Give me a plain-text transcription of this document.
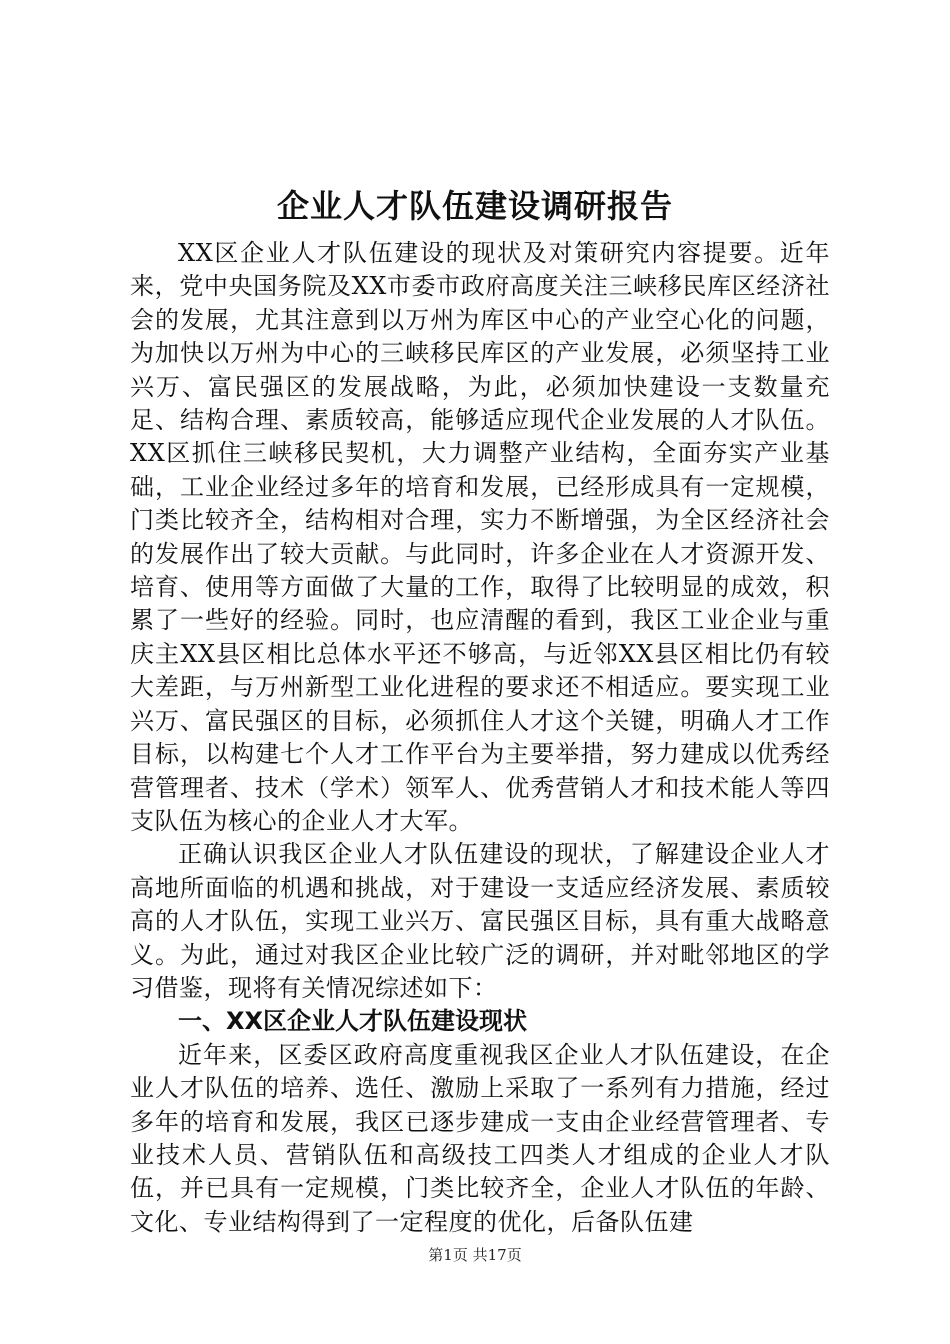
企业人才队伍建设调研报告

XX区企业人才队伍建设的现状及对策研究内容提要。近年来，党中央国务院及XX市委市政府高度关注三峡移民库区经济社会的发展，尤其注意到以万州为库区中心的产业空心化的问题，为加快以万州为中心的三峡移民库区的产业发展，必须坚持工业兴万、富民强区的发展战略，为此，必须加快建设一支数量充足、结构合理、素质较高，能够适应现代企业发展的人才队伍。XX区抓住三峡移民契机，大力调整产业结构，全面夯实产业基础，工业企业经过多年的培育和发展，已经形成具有一定规模，门类比较齐全，结构相对合理，实力不断增强，为全区经济社会的发展作出了较大贡献。与此同时，许多企业在人才资源开发、培育、使用等方面做了大量的工作，取得了比较明显的成效，积累了一些好的经验。同时，也应清醒的看到，我区工业企业与重庆主XX县区相比总体水平还不够高，与近邻XX县区相比仍有较大差距，与万州新型工业化进程的要求还不相适应。要实现工业兴万、富民强区的目标，必须抓住人才这个关键，明确人才工作目标，以构建七个人才工作平台为主要举措，努力建成以优秀经营管理者、技术（学术）领军人、优秀营销人才和技术能人等四支队伍为核心的企业人才大军。

正确认识我区企业人才队伍建设的现状，了解建设企业人才高地所面临的机遇和挑战，对于建设一支适应经济发展、素质较高的人才队伍，实现工业兴万、富民强区目标，具有重大战略意义。为此，通过对我区企业比较广泛的调研，并对毗邻地区的学习借鉴，现将有关情况综述如下：

一、XX区企业人才队伍建设现状

近年来，区委区政府高度重视我区企业人才队伍建设，在企业人才队伍的培养、选任、激励上采取了一系列有力措施，经过多年的培育和发展，我区已逐步建成一支由企业经营管理者、专业技术人员、营销队伍和高级技工四类人才组成的企业人才队伍，并已具有一定规模，门类比较齐全，企业人才队伍的年龄、文化、专业结构得到了一定程度的优化，后备队伍建

第1页 共17页
